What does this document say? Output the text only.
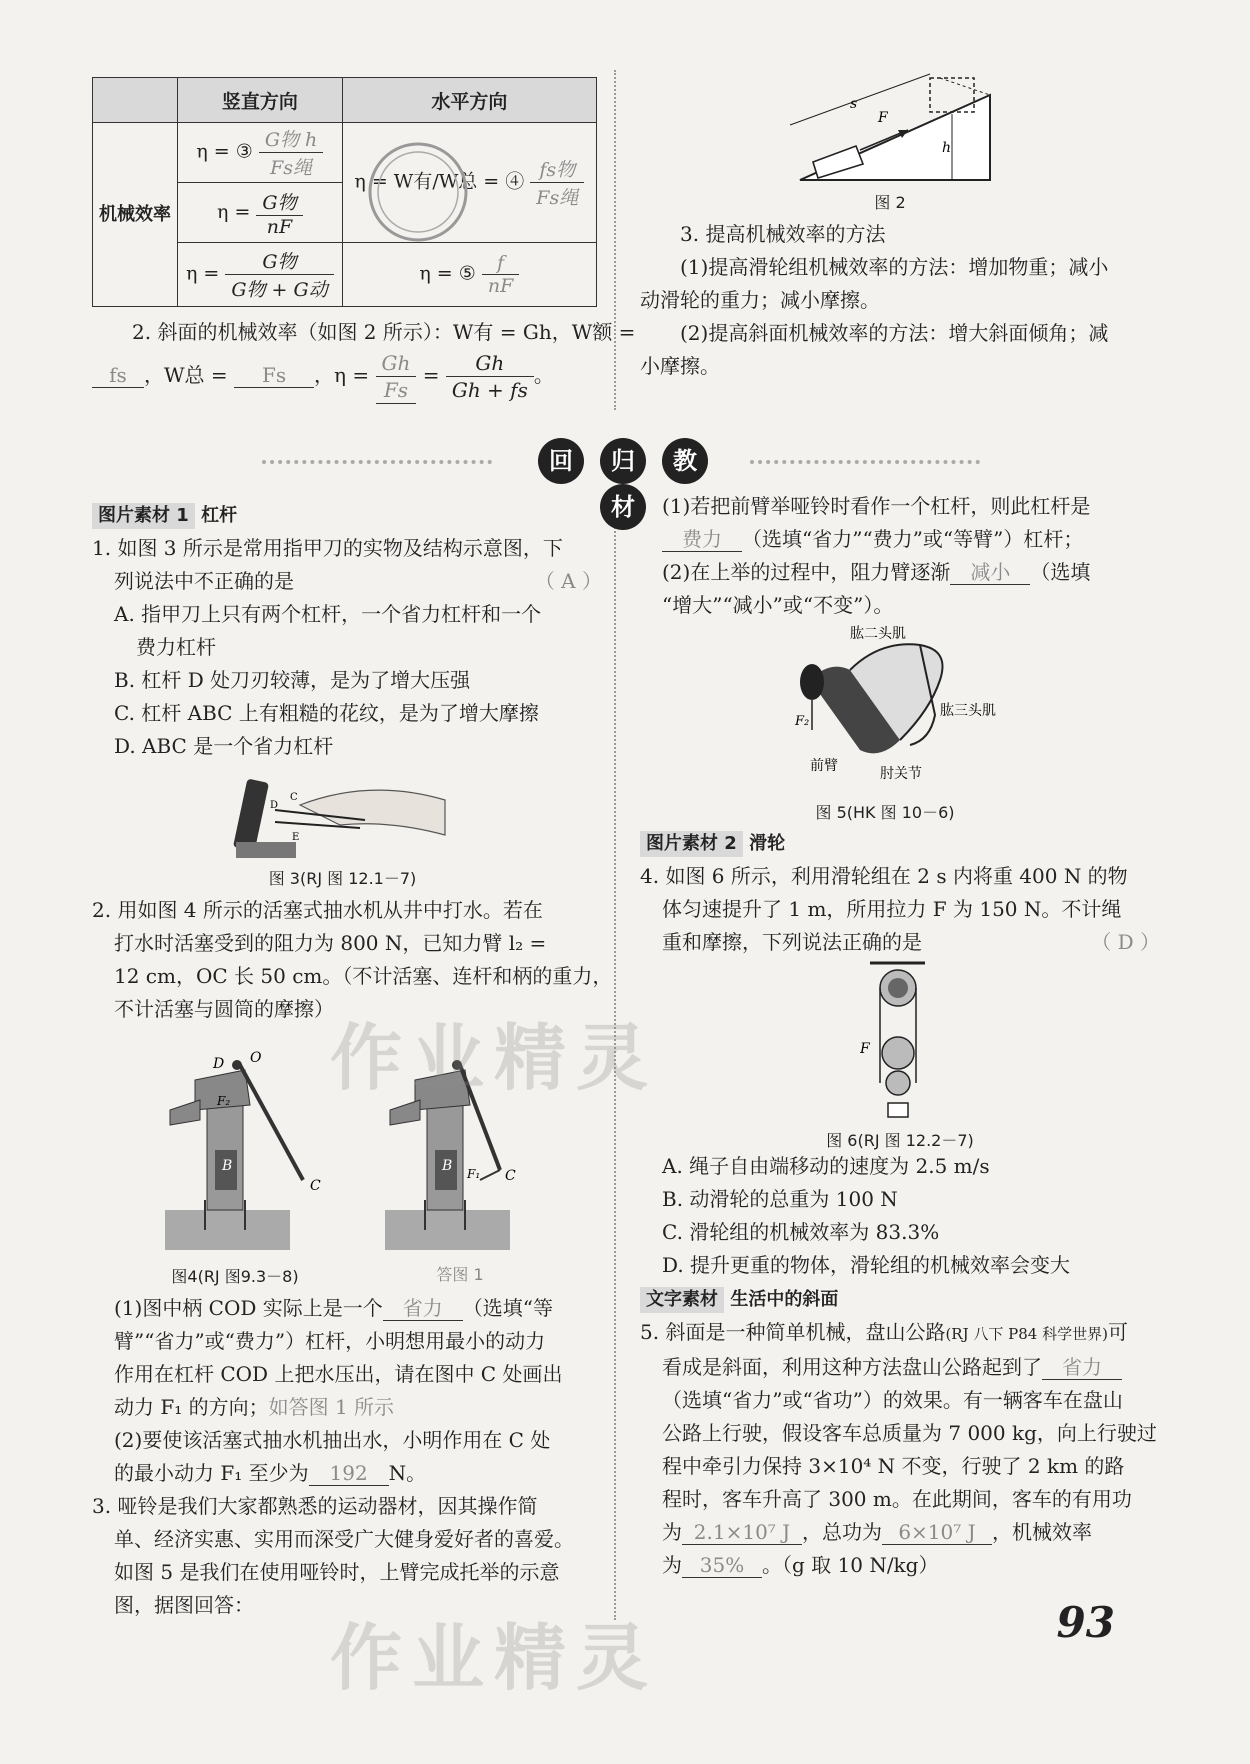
	竖直方向	水平方向
机械效率	η = ③ $\frac{\text{G物 h}}{\text{Fs绳}}$	η = W有/W总 = ④ $\frac{\text{fs物}}{\text{Fs绳}}$

	$\eta = \frac{\text{G物}}{nF}$

	$\eta = \frac{\text{G物}}{\text{G物 + G动}}$	η = ⑤ $\frac{f}{nF}$
2. 斜面的机械效率（如图 2 所示）：W有 = Gh，W额 =
fs ，W总 = Fs ，$\eta = \frac{Gh}{Fs} = \frac{Gh}{Gh + fs}$ 。
F
s
h
图 2
3. 提高机械效率的方法
(1)提高滑轮组机械效率的方法：增加物重；减小
动滑轮的重力；减小摩擦。
(2)提高斜面机械效率的方法：增大斜面倾角；减
小摩擦。
回 归 教材
图片素材 1 杠杆
1. 如图 3 所示是常用指甲刀的实物及结构示意图，下
列说法中不正确的是	（ A ）
A. 指甲刀上只有两个杠杆，一个省力杠杆和一个
费力杠杆
B. 杠杆 D 处刀刃较薄，是为了增大压强
C. 杠杆 ABC 上有粗糙的花纹，是为了增大摩擦
D. ABC 是一个省力杠杆
D
C
E
图 3(RJ 图 12.1－7)
2. 用如图 4 所示的活塞式抽水机从井中打水。若在
打水时活塞受到的阻力为 800 N，已知力臂 l₂ =
12 cm，OC 长 50 cm。（不计活塞、连杆和柄的重力，
不计活塞与圆筒的摩擦）
D O
C
B
F₂
C
F₁
B
图4(RJ 图9.3－8)	答图 1
(1)图中柄 COD 实际上是一个 省力 （选填“等
臂”“省力”或“费力”）杠杆，小明想用最小的动力
作用在杠杆 COD 上把水压出，请在图中 C 处画出
动力 F₁ 的方向；如答图 1 所示
(2)要使该活塞式抽水机抽出水，小明作用在 C 处
的最小动力 F₁ 至少为 192 N。
3. 哑铃是我们大家都熟悉的运动器材，因其操作简
单、经济实惠、实用而深受广大健身爱好者的喜爱。
如图 5 是我们在使用哑铃时，上臂完成托举的示意
图，据图回答：
(1)若把前臂举哑铃时看作一个杠杆，则此杠杆是
费力 （选填“省力”“费力”或“等臂”）杠杆；
(2)在上举的过程中，阻力臂逐渐 减小 （选填
“增大”“减小”或“不变”）。
肱二头肌
肱三头肌
前臂	肘关节
F₂
图 5(HK 图 10－6)
图片素材 2 滑轮
4. 如图 6 所示，利用滑轮组在 2 s 内将重 400 N 的物
体匀速提升了 1 m，所用拉力 F 为 150 N。不计绳
重和摩擦，下列说法正确的是	（ D ）
F
图 6(RJ 图 12.2－7)
A. 绳子自由端移动的速度为 2.5 m/s
B. 动滑轮的总重为 100 N
C. 滑轮组的机械效率为 83.3%
D. 提升更重的物体，滑轮组的机械效率会变大
文字素材 生活中的斜面
5. 斜面是一种简单机械，盘山公路(RJ 八下 P84 科学世界)可
看成是斜面，利用这种方法盘山公路起到了 省力
（选填“省力”或“省功”）的效果。有一辆客车在盘山
公路上行驶，假设客车总质量为 7 000 kg，向上行驶过
程中牵引力保持 3×10⁴ N 不变，行驶了 2 km 的路
程时，客车升高了 300 m。在此期间，客车的有用功
为 2.1×10⁷ J ，总功为 6×10⁷ J ，机械效率
为 35% 。（g 取 10 N/kg）
作业精灵
作业精灵	93
